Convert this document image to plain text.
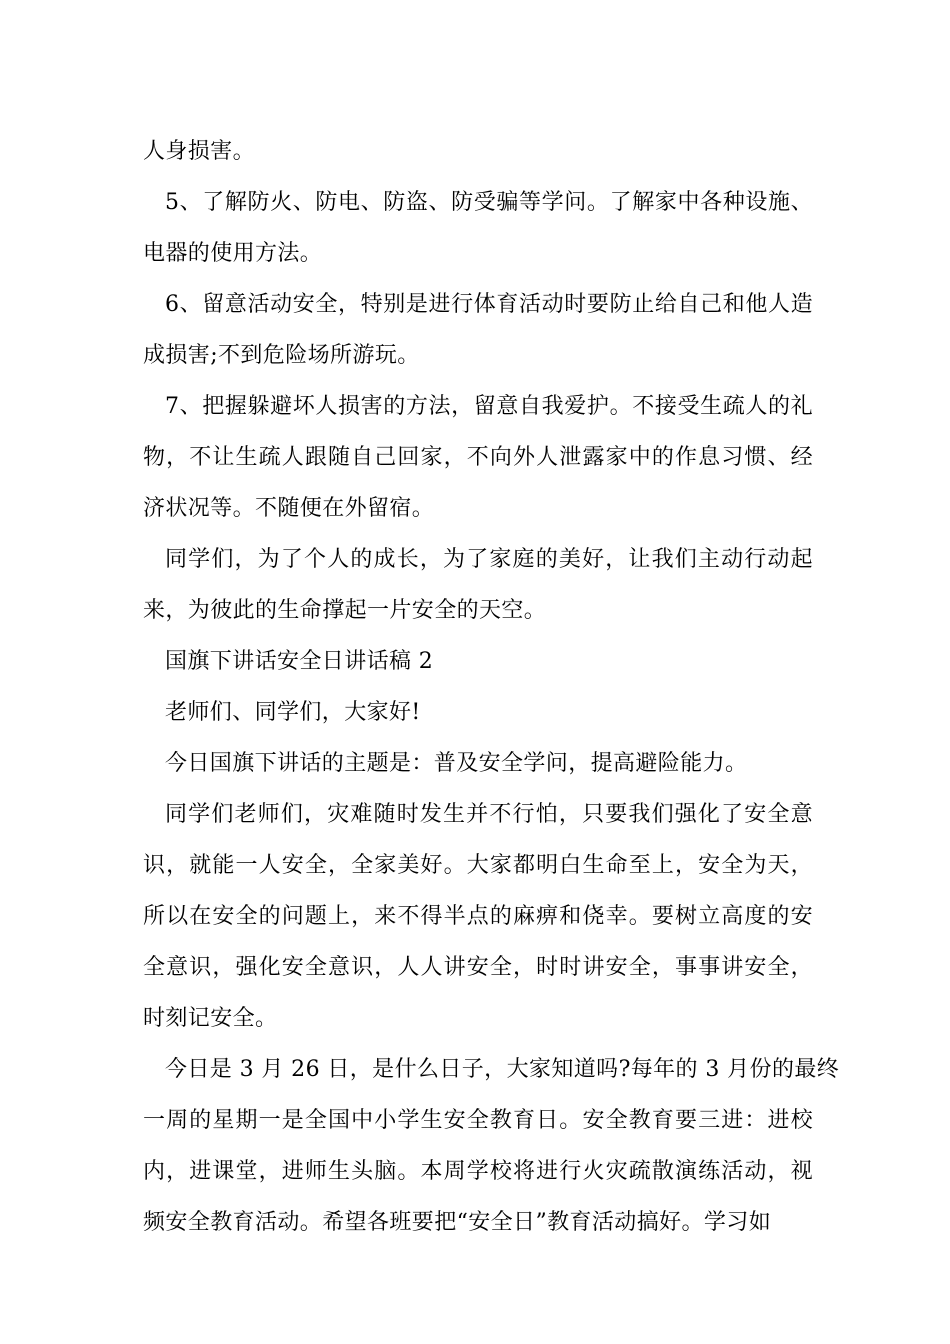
人身损害。
5、了解防火、防电、防盗、防受骗等学问。了解家中各种设施、
电器的使用方法。
6、留意活动安全，特别是进行体育活动时要防止给自己和他人造
成损害;不到危险场所游玩。
7、把握躲避坏人损害的方法，留意自我爱护。不接受生疏人的礼
物，不让生疏人跟随自己回家，不向外人泄露家中的作息习惯、经
济状况等。不随便在外留宿。
同学们，为了个人的成长，为了家庭的美好，让我们主动行动起
来，为彼此的生命撑起一片安全的天空。
国旗下讲话安全日讲话稿 2
老师们、同学们，大家好!
今日国旗下讲话的主题是：普及安全学问，提高避险能力。
同学们老师们，灾难随时发生并不行怕，只要我们强化了安全意
识，就能一人安全，全家美好。大家都明白生命至上，安全为天，
所以在安全的问题上，来不得半点的麻痹和侥幸。要树立高度的安
全意识，强化安全意识，人人讲安全，时时讲安全，事事讲安全，
时刻记安全。
今日是 3 月 26 日，是什么日子，大家知道吗?每年的 3 月份的最终
一周的星期一是全国中小学生安全教育日。安全教育要三进：进校
内，进课堂，进师生头脑。本周学校将进行火灾疏散演练活动，视
频安全教育活动。希望各班要把“安全日”教育活动搞好。学习如
